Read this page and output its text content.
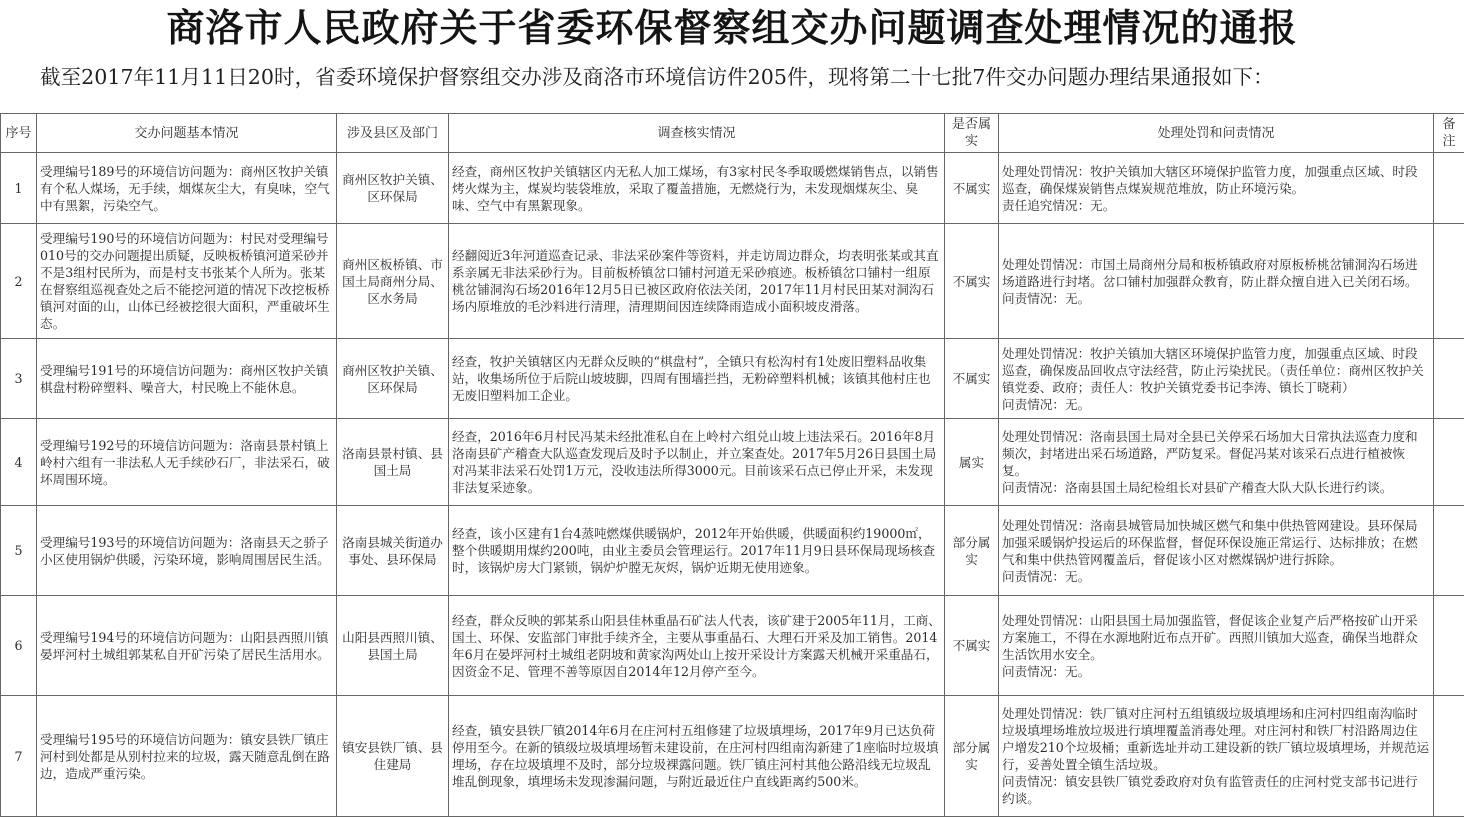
商洛市人民政府关于省委环保督察组交办问题调查处理情况的通报
截至2017年11月11日20时，省委环境保护督察组交办涉及商洛市环境信访件205件，现将第二十七批7件交办问题办理结果通报如下：
序号	交办问题基本情况	涉及县区及部门	调查核实情况	是否属实	处理处罚和问责情况	备注
1	受理编号189号的环境信访问题为：商州区牧护关镇有个私人煤场，无手续，烟煤灰尘大，有臭味，空气中有黑絮，污染空气。	商州区牧护关镇、区环保局	经查，商州区牧护关镇辖区内无私人加工煤场，有3家村民冬季取暖燃煤销售点，以销售烤火煤为主，煤炭均装袋堆放，采取了覆盖措施，无燃烧行为，未发现烟煤灰尘、臭味、空气中有黑絮现象。	不属实	处理处罚情况：牧护关镇加大辖区环境保护监管力度，加强重点区域、时段巡查，确保煤炭销售点煤炭规范堆放，防止环境污染。
责任追究情况：无。	
2	受理编号190号的环境信访问题为：村民对受理编号010号的交办问题提出质疑，反映板桥镇河道采砂并不是3组村民所为，而是村支书张某个人所为。张某在督察组巡视查处之后不能挖河道的情况下改挖板桥镇河对面的山，山体已经被挖很大面积，严重破坏生态。	商州区板桥镇、市国土局商州分局、区水务局	经翻阅近3年河道巡查记录、非法采砂案件等资料，并走访周边群众，均表明张某或其直系亲属无非法采砂行为。目前板桥镇岔口铺村河道无采砂痕迹。板桥镇岔口铺村一组原桃岔铺洞沟石场2016年12月5日已被区政府依法关闭，2017年11月村民田某对洞沟石场内原堆放的毛沙料进行清理，清理期间因连续降雨造成小面积坡皮滑落。	不属实	处理处罚情况：市国土局商州分局和板桥镇政府对原板桥桃岔铺洞沟石场进场道路进行封堵。岔口铺村加强群众教育，防止群众擅自进入已关闭石场。
问责情况：无。	
3	受理编号191号的环境信访问题为：商州区牧护关镇棋盘村粉碎塑料、噪音大，村民晚上不能休息。	商州区牧护关镇、区环保局	经查，牧护关镇辖区内无群众反映的“棋盘村”，全镇只有松沟村有1处废旧塑料品收集站，收集场所位于后院山坡坡脚，四周有围墙拦挡，无粉碎塑料机械；该镇其他村庄也无废旧塑料加工企业。	不属实	处理处罚情况：牧护关镇加大辖区环境保护监管力度，加强重点区域、时段巡查，确保废品回收点守法经营，防止污染扰民。（责任单位：商州区牧护关镇党委、政府；责任人：牧护关镇党委书记李涛、镇长丁晓莉）
问责情况：无。	
4	受理编号192号的环境信访问题为：洛南县景村镇上岭村六组有一非法私人无手续砂石厂，非法采石，破坏周围环境。	洛南县景村镇、县国土局	经查，2016年6月村民冯某未经批准私自在上岭村六组兑山坡上违法采石。2016年8月洛南县矿产稽查大队巡查发现后及时予以制止，并立案查处。2017年5月26日县国土局对冯某非法采石处罚1万元，没收违法所得3000元。目前该采石点已停止开采，未发现非法复采迹象。	属实	处理处罚情况：洛南县国土局对全县已关停采石场加大日常执法巡查力度和频次，封堵进出采石场道路，严防复采。督促冯某对该采石点进行植被恢复。
问责情况：洛南县国土局纪检组长对县矿产稽查大队大队长进行约谈。	
5	受理编号193号的环境信访问题为：洛南县天之骄子小区使用锅炉供暖，污染环境，影响周围居民生活。	洛南县城关街道办事处、县环保局	经查，该小区建有1台4蒸吨燃煤供暖锅炉，2012年开始供暖，供暖面积约19000㎡，整个供暖期用煤约200吨，由业主委员会管理运行。2017年11月9日县环保局现场核查时，该锅炉房大门紧锁，锅炉炉膛无灰烬，锅炉近期无使用迹象。	部分属实	处理处罚情况：洛南县城管局加快城区燃气和集中供热管网建设。县环保局加强采暖锅炉投运后的环保监督，督促环保设施正常运行、达标排放；在燃气和集中供热管网覆盖后，督促该小区对燃煤锅炉进行拆除。
问责情况：无。	
6	受理编号194号的环境信访问题为：山阳县西照川镇晏坪河村土城组郭某私自开矿污染了居民生活用水。	山阳县西照川镇、县国土局	经查，群众反映的郭某系山阳县佳林重晶石矿法人代表，该矿建于2005年11月，工商、国土、环保、安监部门审批手续齐全，主要从事重晶石、大理石开采及加工销售。2014年6月在晏坪河村土城组老阴坡和黄家沟两处山上按开采设计方案露天机械开采重晶石，因资金不足、管理不善等原因自2014年12月停产至今。	不属实	处理处罚情况：山阳县国土局加强监管，督促该企业复产后严格按矿山开采方案施工，不得在水源地附近布点开矿。西照川镇加大巡查，确保当地群众生活饮用水安全。
问责情况：无。	
7	受理编号195号的环境信访问题为：镇安县铁厂镇庄河村到处都是从别村拉来的垃圾，露天随意乱倒在路边，造成严重污染。	镇安县铁厂镇、县住建局	经查，镇安县铁厂镇2014年6月在庄河村五组修建了垃圾填埋场，2017年9月已达负荷停用至今。在新的镇级垃圾填埋场暂未建设前，在庄河村四组南沟新建了1座临时垃圾填埋场，存在垃圾填埋不及时，部分垃圾裸露问题。铁厂镇庄河村其他公路沿线无垃圾乱堆乱倒现象，填埋场未发现渗漏问题，与附近最近住户直线距离约500米。	部分属实	处理处罚情况：铁厂镇对庄河村五组镇级垃圾填埋场和庄河村四组南沟临时垃圾填埋场堆放垃圾进行填埋覆盖消毒处理。对庄河村和铁厂村沿路周边住户增发210个垃圾桶；重新选址并动工建设新的铁厂镇垃圾填埋场，并规范运行，妥善处置全镇生活垃圾。
问责情况：镇安县铁厂镇党委政府对负有监管责任的庄河村党支部书记进行约谈。	
